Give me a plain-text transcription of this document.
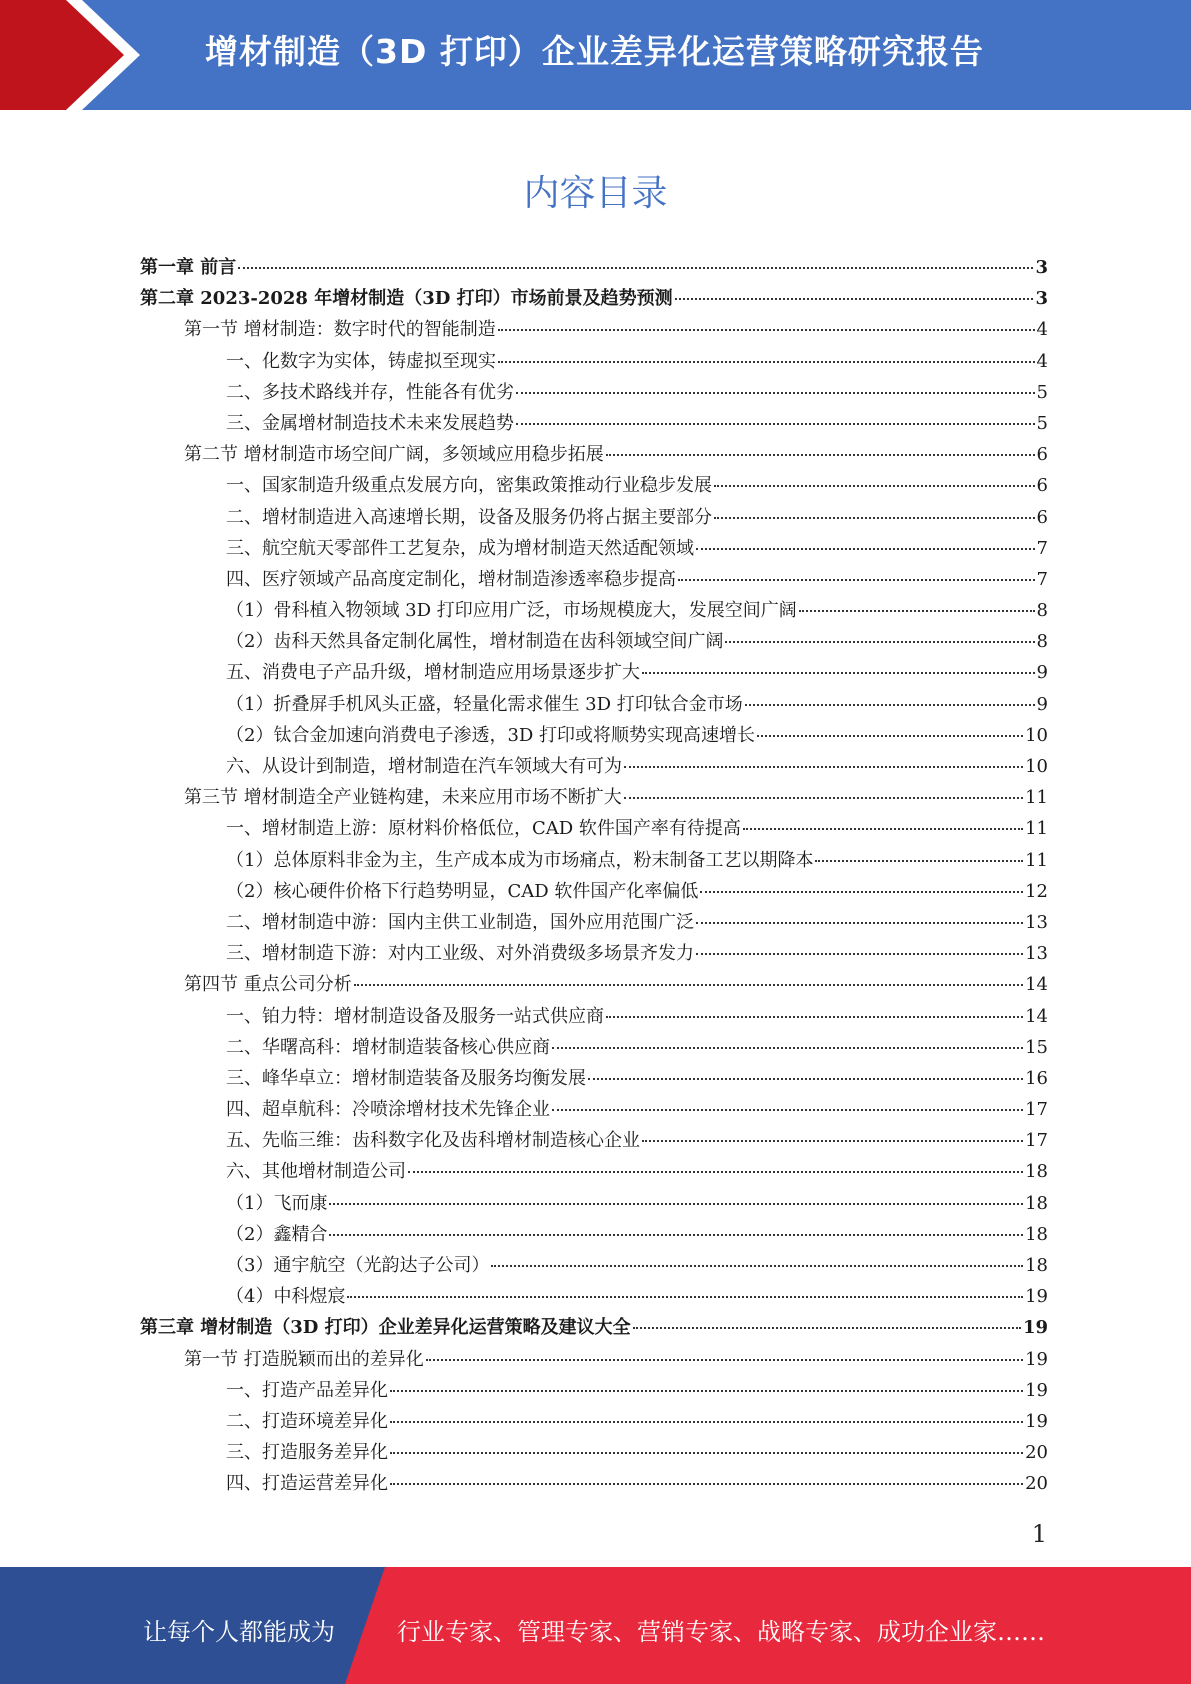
增材制造（3D 打印）企业差异化运营策略研究报告
内容目录
第一章 前言	3
第二章 2023-2028 年增材制造（3D 打印）市场前景及趋势预测	3
第一节 增材制造：数字时代的智能制造	4
一、化数字为实体，铸虚拟至现实	4
二、多技术路线并存，性能各有优劣	5
三、金属增材制造技术未来发展趋势	5
第二节 增材制造市场空间广阔，多领域应用稳步拓展	6
一、国家制造升级重点发展方向，密集政策推动行业稳步发展	6
二、增材制造进入高速增长期，设备及服务仍将占据主要部分	6
三、航空航天零部件工艺复杂，成为增材制造天然适配领域	7
四、医疗领域产品高度定制化，增材制造渗透率稳步提高	7
（1）骨科植入物领域 3D 打印应用广泛，市场规模庞大，发展空间广阔	8
（2）齿科天然具备定制化属性，增材制造在齿科领域空间广阔	8
五、消费电子产品升级，增材制造应用场景逐步扩大	9
（1）折叠屏手机风头正盛，轻量化需求催生 3D 打印钛合金市场	9
（2）钛合金加速向消费电子渗透，3D 打印或将顺势实现高速增长	10
六、从设计到制造，增材制造在汽车领域大有可为	10
第三节 增材制造全产业链构建，未来应用市场不断扩大	11
一、增材制造上游：原材料价格低位，CAD 软件国产率有待提高	11
（1）总体原料非金为主，生产成本成为市场痛点，粉末制备工艺以期降本	11
（2）核心硬件价格下行趋势明显，CAD 软件国产化率偏低	12
二、增材制造中游：国内主供工业制造，国外应用范围广泛	13
三、增材制造下游：对内工业级、对外消费级多场景齐发力	13
第四节 重点公司分析	14
一、铂力特：增材制造设备及服务一站式供应商	14
二、华曙高科：增材制造装备核心供应商	15
三、峰华卓立：增材制造装备及服务均衡发展	16
四、超卓航科：冷喷涂增材技术先锋企业	17
五、先临三维：齿科数字化及齿科增材制造核心企业	17
六、其他增材制造公司	18
（1）飞而康	18
（2）鑫精合	18
（3）通宇航空（光韵达子公司）	18
（4）中科煜宸	19
第三章 增材制造（3D 打印）企业差异化运营策略及建议大全	19
第一节 打造脱颖而出的差异化	19
一、打造产品差异化	19
二、打造环境差异化	19
三、打造服务差异化	20
四、打造运营差异化	20
1
让每个人都能成为	行业专家、管理专家、营销专家、战略专家、成功企业家……
